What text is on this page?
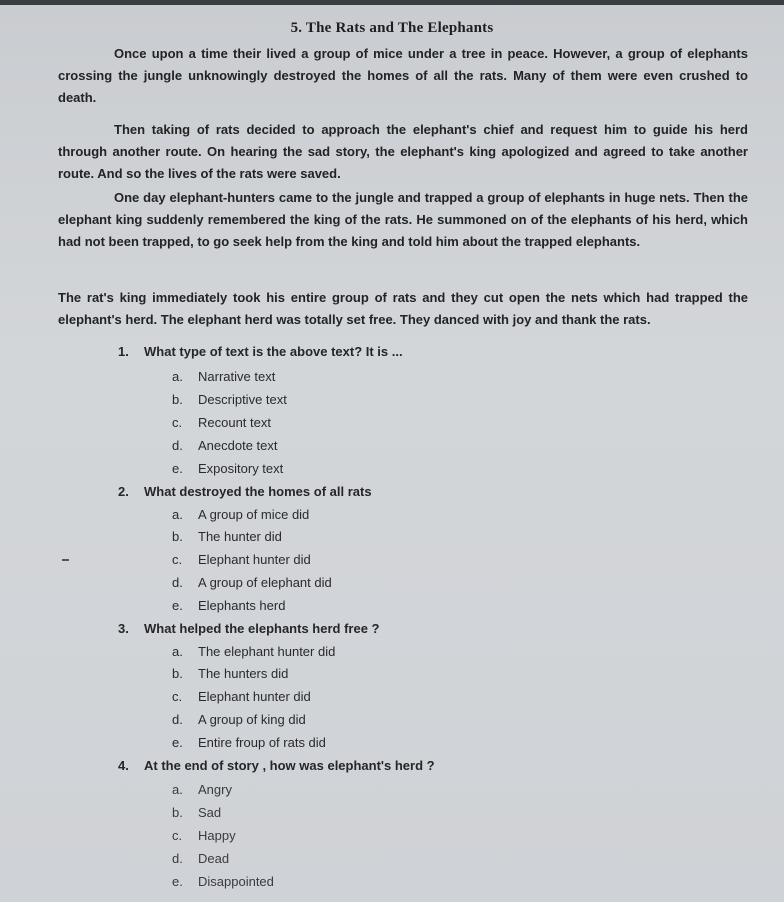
5. The Rats and The Elephants

Once upon a time their lived a group of mice under a tree in peace. However, a group of elephants crossing the jungle unknowingly destroyed the homes of all the rats. Many of them were even crushed to death.

Then taking of rats decided to approach the elephant's chief and request him to guide his herd through another route. On hearing the sad story, the elephant's king apologized and agreed to take another route. And so the lives of the rats were saved.

One day elephant-hunters came to the jungle and trapped a group of elephants in huge nets. Then the elephant king suddenly remembered the king of the rats. He summoned on of the elephants of his herd, which had not been trapped, to go seek help from the king and told him about the trapped elephants.

The rat's king immediately took his entire group of rats and they cut open the nets which had trapped the elephant's herd. The elephant herd was totally set free. They danced with joy and thank the rats.

1. What type of text is the above text? It is ...

a. Narrative text

b. Descriptive text

c. Recount text

d. Anecdote text

e. Expository text

2. What destroyed the homes of all rats

a. A group of mice did

b. The hunter did

c. Elephant hunter did

d. A group of elephant did

e. Elephants herd

3. What helped the elephants herd free ?

a. The elephant hunter did

b. The hunters did

c. Elephant hunter did

d. A group of king did

e. Entire froup of rats did

4. At the end of story , how was elephant's herd ?

a. Angry

b. Sad

c. Happy

d. Dead

e. Disappointed
